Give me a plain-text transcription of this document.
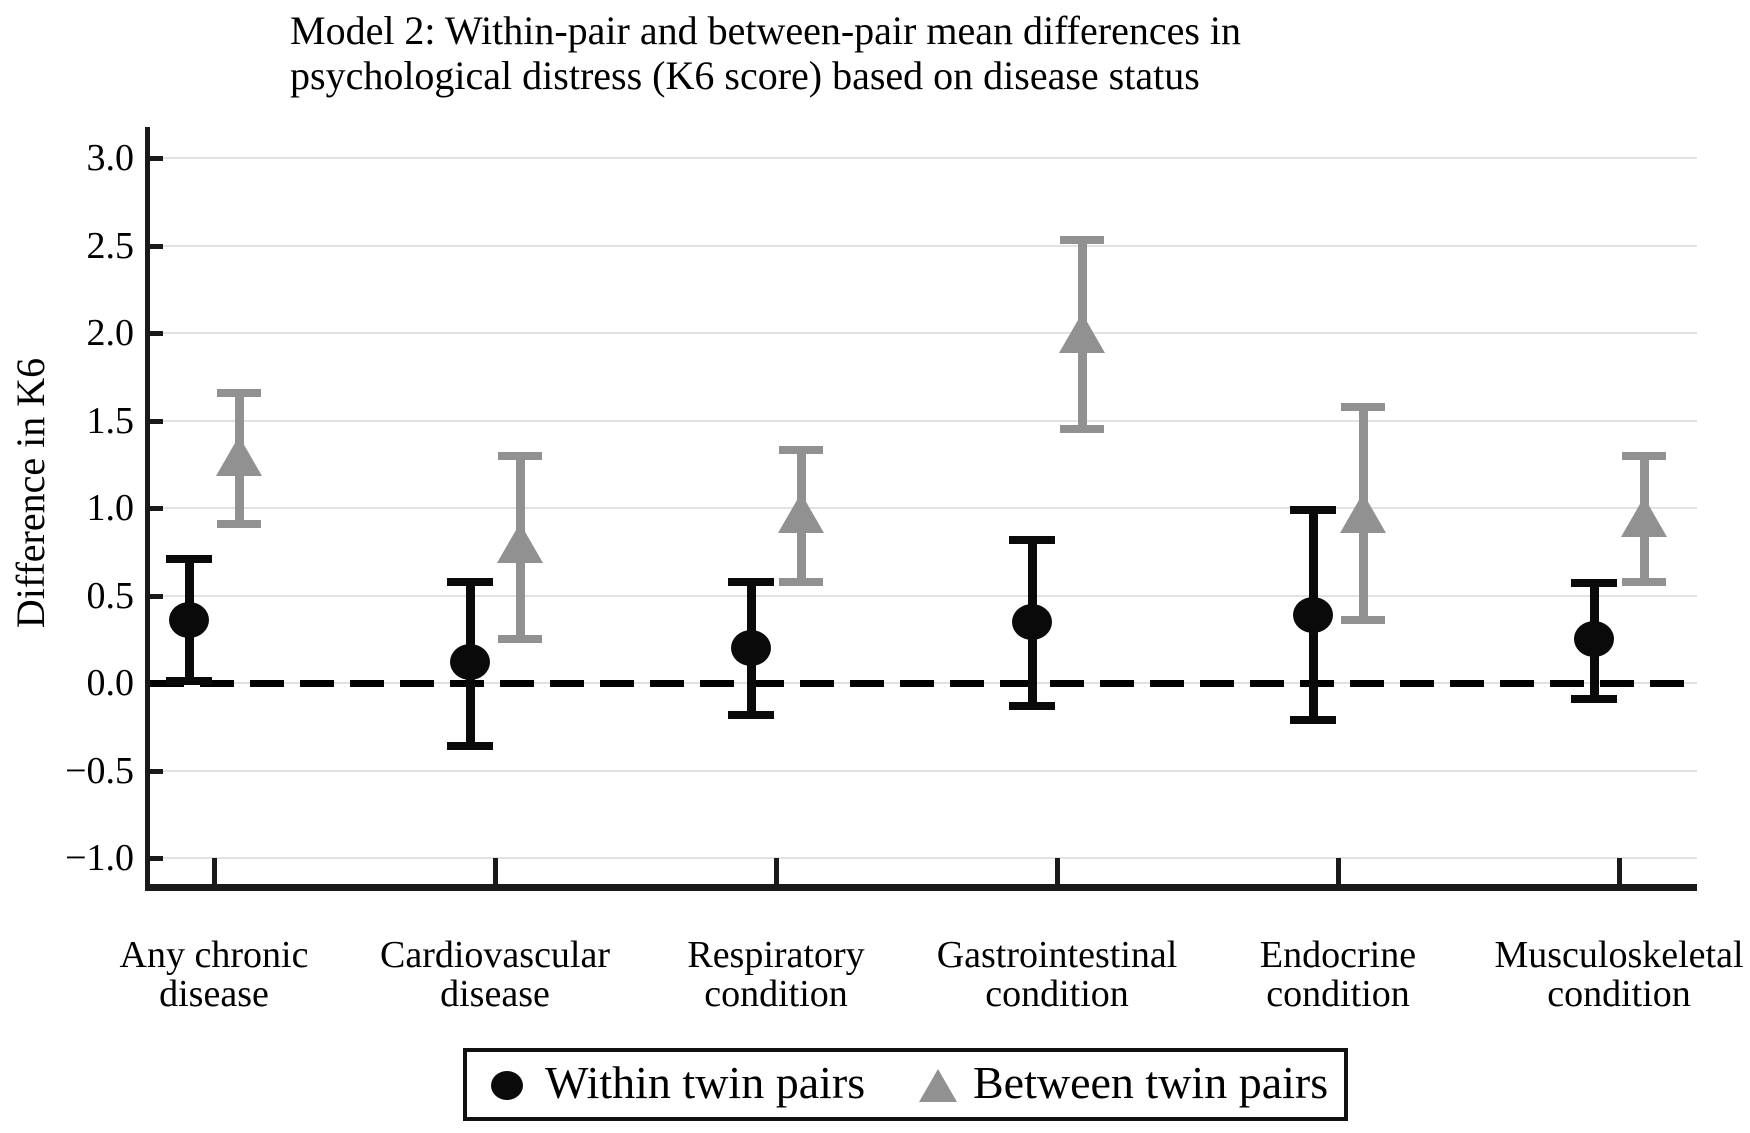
Model 2: Within-pair and between-pair mean differences in
psychological distress (K6 score) based on disease status
Difference in K6
3.0
2.5
2.0
1.5
1.0
0.5
0.0
−0.5
−1.0
Any chronic
disease
Cardiovascular
disease
Respiratory
condition
Gastrointestinal
condition
Endocrine
condition
Musculoskeletal
condition
Within twin pairs Between twin pairs
